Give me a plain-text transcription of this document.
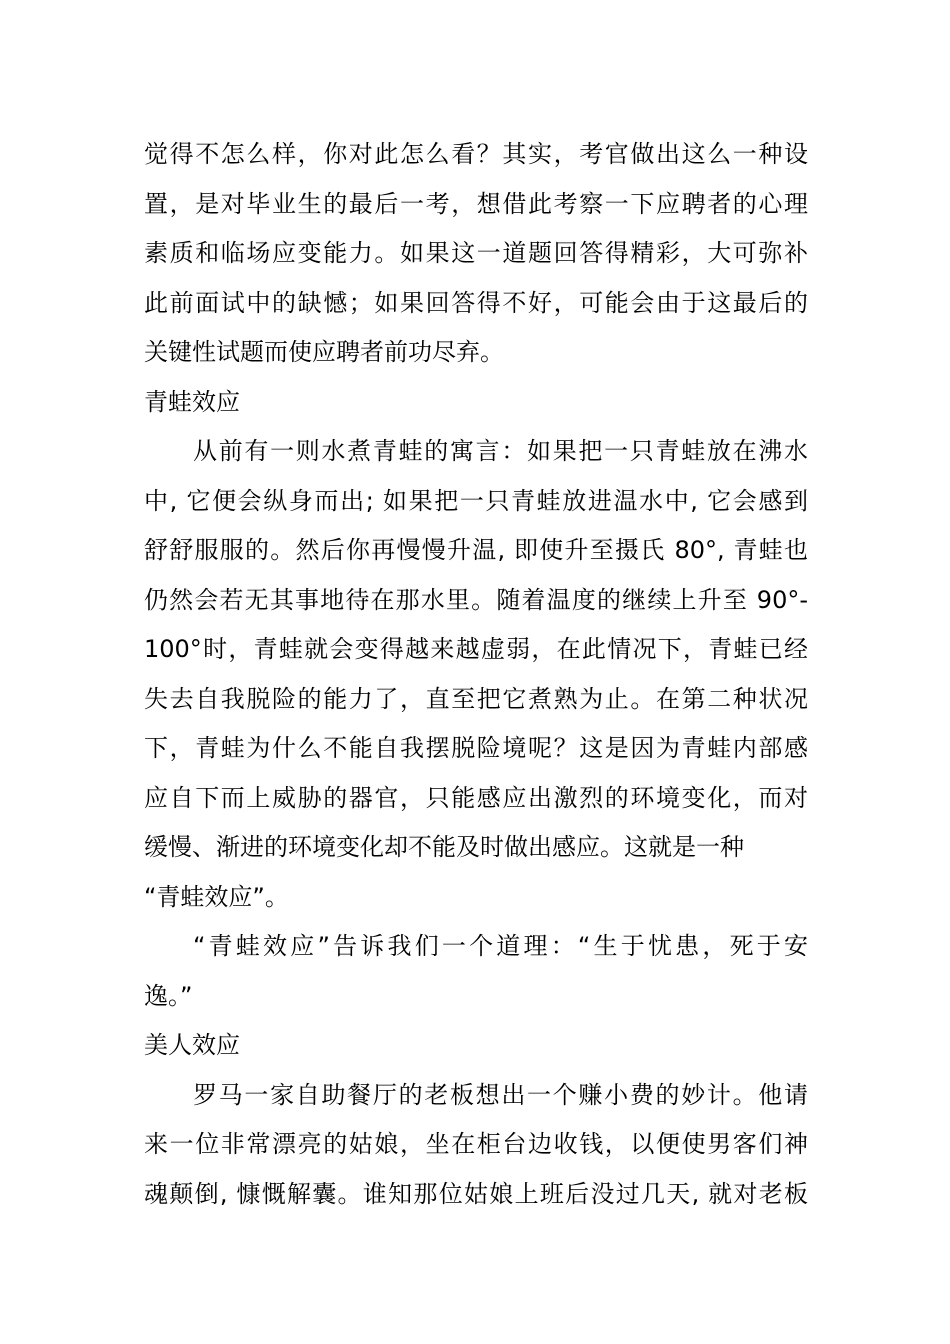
觉得不怎么样，你对此怎么看？其实，考官做出这么一种设
置，是对毕业生的最后一考，想借此考察一下应聘者的心理
素质和临场应变能力。如果这一道题回答得精彩，大可弥补
此前面试中的缺憾；如果回答得不好，可能会由于这最后的
关键性试题而使应聘者前功尽弃。
青蛙效应
从前有一则水煮青蛙的寓言：如果把一只青蛙放在沸水
中, 它便会纵身而出; 如果把一只青蛙放进温水中, 它会感到
舒舒服服的。然后你再慢慢升温, 即使升至摄氏 80°, 青蛙也
仍然会若无其事地待在那水里。随着温度的继续上升至 90°-
100°时，青蛙就会变得越来越虚弱，在此情况下，青蛙已经
失去自我脱险的能力了，直至把它煮熟为止。在第二种状况
下，青蛙为什么不能自我摆脱险境呢？这是因为青蛙内部感
应自下而上威胁的器官，只能感应出激烈的环境变化，而对
缓慢、渐进的环境变化却不能及时做出感应。这就是一种
“青蛙效应”。
“青蛙效应”告诉我们一个道理：“生于忧患，死于安
逸。”
美人效应
罗马一家自助餐厅的老板想出一个赚小费的妙计。他请
来一位非常漂亮的姑娘，坐在柜台边收钱，以便使男客们神
魂颠倒, 慷慨解囊。谁知那位姑娘上班后没过几天, 就对老板
